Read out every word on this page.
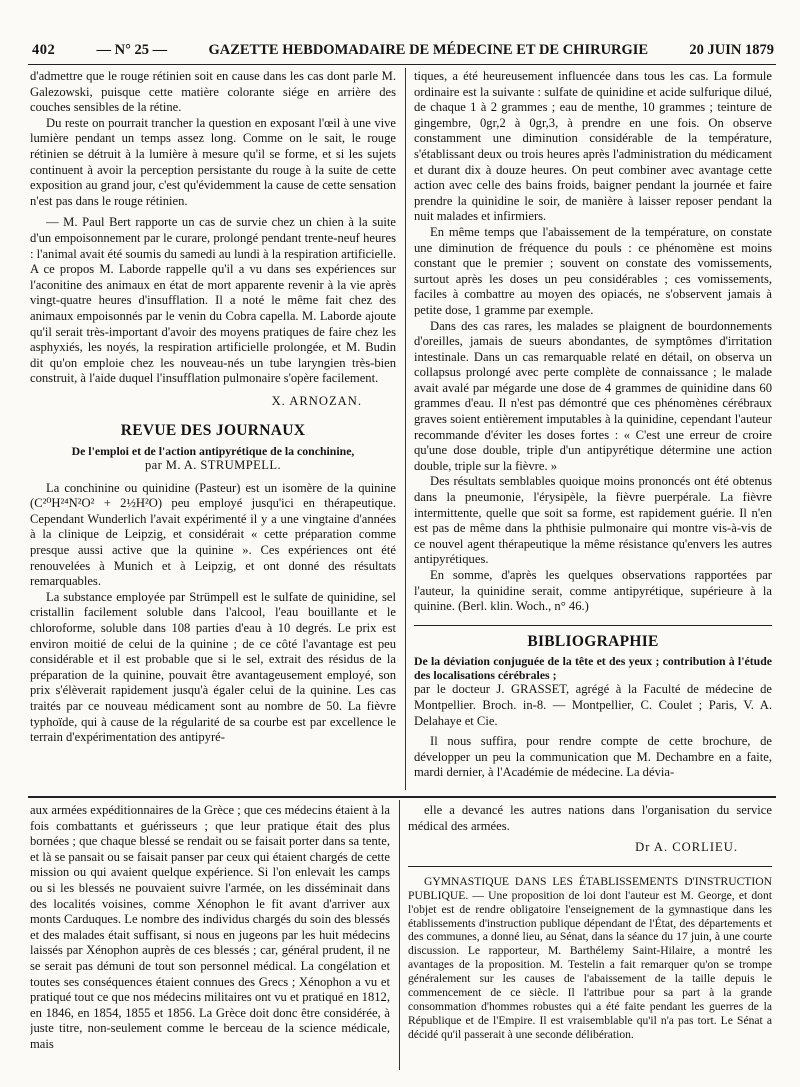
402	— N° 25 —	GAZETTE HEBDOMADAIRE DE MÉDECINE ET DE CHIRURGIE	20 JUIN 1879

d'admettre que le rouge rétinien soit en cause dans les cas dont parle M. Galezowski, puisque cette matière colorante siége en arrière des couches sensibles de la rétine.

Du reste on pourrait trancher la question en exposant l'œil à une vive lumière pendant un temps assez long. Comme on le sait, le rouge rétinien se détruit à la lumière à mesure qu'il se forme, et si les sujets continuent à avoir la perception persistante du rouge à la suite de cette exposition au grand jour, c'est qu'évidemment la cause de cette sensation n'est pas dans le rouge rétinien.

— M. Paul Bert rapporte un cas de survie chez un chien à la suite d'un empoisonnement par le curare, prolongé pendant trente-neuf heures : l'animal avait été soumis du samedi au lundi à la respiration artificielle. A ce propos M. Laborde rappelle qu'il a vu dans ses expériences sur l'aconitine des animaux en état de mort apparente revenir à la vie après vingt-quatre heures d'insufflation. Il a noté le même fait chez des animaux empoisonnés par le venin du Cobra capella. M. Laborde ajoute qu'il serait très-important d'avoir des moyens pratiques de faire chez les asphyxiés, les noyés, la respiration artificielle prolongée, et M. Budin dit qu'on emploie chez les nouveau-nés un tube laryngien très-bien construit, à l'aide duquel l'insufflation pulmonaire s'opère facilement.

X. ARNOZAN.
REVUE DES JOURNAUX
De l'emploi et de l'action antipyrétique de la conchinine,
par M. A. STRUMPELL.

La conchinine ou quinidine (Pasteur) est un isomère de la quinine (C²⁰H²⁴N²O² + 2½H²O) peu employé jusqu'ici en thérapeutique. Cependant Wunderlich l'avait expérimenté il y a une vingtaine d'années à la clinique de Leipzig, et considérait « cette préparation comme presque aussi active que la quinine ». Ces expériences ont été renouvelées à Munich et à Leipzig, et ont donné des résultats remarquables.

La substance employée par Strümpell est le sulfate de quinidine, sel cristallin facilement soluble dans l'alcool, l'eau bouillante et le chloroforme, soluble dans 108 parties d'eau à 10 degrés. Le prix est environ moitié de celui de la quinine ; de ce côté l'avantage est peu considérable et il est probable que si le sel, extrait des résidus de la préparation de la quinine, pouvait être avantageusement employé, son prix s'élèverait rapidement jusqu'à égaler celui de la quinine. Les cas traités par ce nouveau médicament sont au nombre de 50. La fièvre typhoïde, qui à cause de la régularité de sa courbe est par excellence le terrain d'expérimentation des antipyré-

tiques, a été heureusement influencée dans tous les cas. La formule ordinaire est la suivante : sulfate de quinidine et acide sulfurique dilué, de chaque 1 à 2 grammes ; eau de menthe, 10 grammes ; teinture de gingembre, 0gr,2 à 0gr,3, à prendre en une fois. On observe constamment une diminution considérable de la température, s'établissant deux ou trois heures après l'administration du médicament et durant dix à douze heures. On peut combiner avec avantage cette action avec celle des bains froids, baigner pendant la journée et faire prendre la quinidine le soir, de manière à laisser reposer pendant la nuit malades et infirmiers.

En même temps que l'abaissement de la température, on constate une diminution de fréquence du pouls : ce phénomène est moins constant que le premier ; souvent on constate des vomissements, surtout après les doses un peu considérables ; ces vomissements, faciles à combattre au moyen des opiacés, ne s'observent jamais à petite dose, 1 gramme par exemple.

Dans des cas rares, les malades se plaignent de bourdonnements d'oreilles, jamais de sueurs abondantes, de symptômes d'irritation intestinale. Dans un cas remarquable relaté en détail, on observa un collapsus prolongé avec perte complète de connaissance ; le malade avait avalé par mégarde une dose de 4 grammes de quinidine dans 60 grammes d'eau. Il n'est pas démontré que ces phénomènes cérébraux graves soient entièrement imputables à la quinidine, cependant l'auteur recommande d'éviter les doses fortes : « C'est une erreur de croire qu'une dose double, triple d'un antipyrétique détermine une action double, triple sur la fièvre. »

Des résultats semblables quoique moins prononcés ont été obtenus dans la pneumonie, l'érysipèle, la fièvre puerpérale. La fièvre intermittente, quelle que soit sa forme, est rapidement guérie. Il n'en est pas de même dans la phthisie pulmonaire qui montre vis-à-vis de ce nouvel agent thérapeutique la même résistance qu'envers les autres antipyrétiques.

En somme, d'après les quelques observations rapportées par l'auteur, la quinidine serait, comme antipyrétique, supérieure à la quinine. (Berl. klin. Woch., n° 46.)

BIBLIOGRAPHIE
De la déviation conjuguée de la tête et des yeux ; contribution à l'étude des localisations cérébrales ;

par le docteur J. GRASSET, agrégé à la Faculté de médecine de Montpellier. Broch. in-8. — Montpellier, C. Coulet ; Paris, V. A. Delahaye et Cie.

Il nous suffira, pour rendre compte de cette brochure, de développer un peu la communication que M. Dechambre en a faite, mardi dernier, à l'Académie de médecine. La dévia-

aux armées expéditionnaires de la Grèce ; que ces médecins étaient à la fois combattants et guérisseurs ; que leur pratique était des plus bornées ; que chaque blessé se rendait ou se faisait porter dans sa tente, et là se pansait ou se faisait panser par ceux qui étaient chargés de cette mission ou qui avaient quelque expérience. Si l'on enlevait les camps ou si les blessés ne pouvaient suivre l'armée, on les disséminait dans des localités voisines, comme Xénophon le fit avant d'arriver aux monts Carduques. Le nombre des individus chargés du soin des blessés et des malades était suffisant, si nous en jugeons par les huit médecins laissés par Xénophon auprès de ces blessés ; car, général prudent, il ne se serait pas démuni de tout son personnel médical. La congélation et toutes ses conséquences étaient connues des Grecs ; Xénophon a vu et pratiqué tout ce que nos médecins militaires ont vu et pratiqué en 1812, en 1846, en 1854, 1855 et 1856. La Grèce doit donc être considérée, à juste titre, non-seulement comme le berceau de la science médicale, mais

elle a devancé les autres nations dans l'organisation du service médical des armées.

Dr A. CORLIEU.

GYMNASTIQUE DANS LES ÉTABLISSEMENTS D'INSTRUCTION PUBLIQUE. — Une proposition de loi dont l'auteur est M. George, et dont l'objet est de rendre obligatoire l'enseignement de la gymnastique dans les établissements d'instruction publique dépendant de l'État, des départements et des communes, a donné lieu, au Sénat, dans la séance du 17 juin, à une courte discussion. Le rapporteur, M. Barthélemy Saint-Hilaire, a montré les avantages de la proposition. M. Testelin a fait remarquer qu'on se trompe généralement sur les causes de l'abaissement de la taille depuis le commencement de ce siècle. Il l'attribue pour sa part à la grande consommation d'hommes robustes qui a été faite pendant les guerres de la République et de l'Empire. Il est vraisemblable qu'il n'a pas tort. Le Sénat a décidé qu'il passerait à une seconde délibération.
